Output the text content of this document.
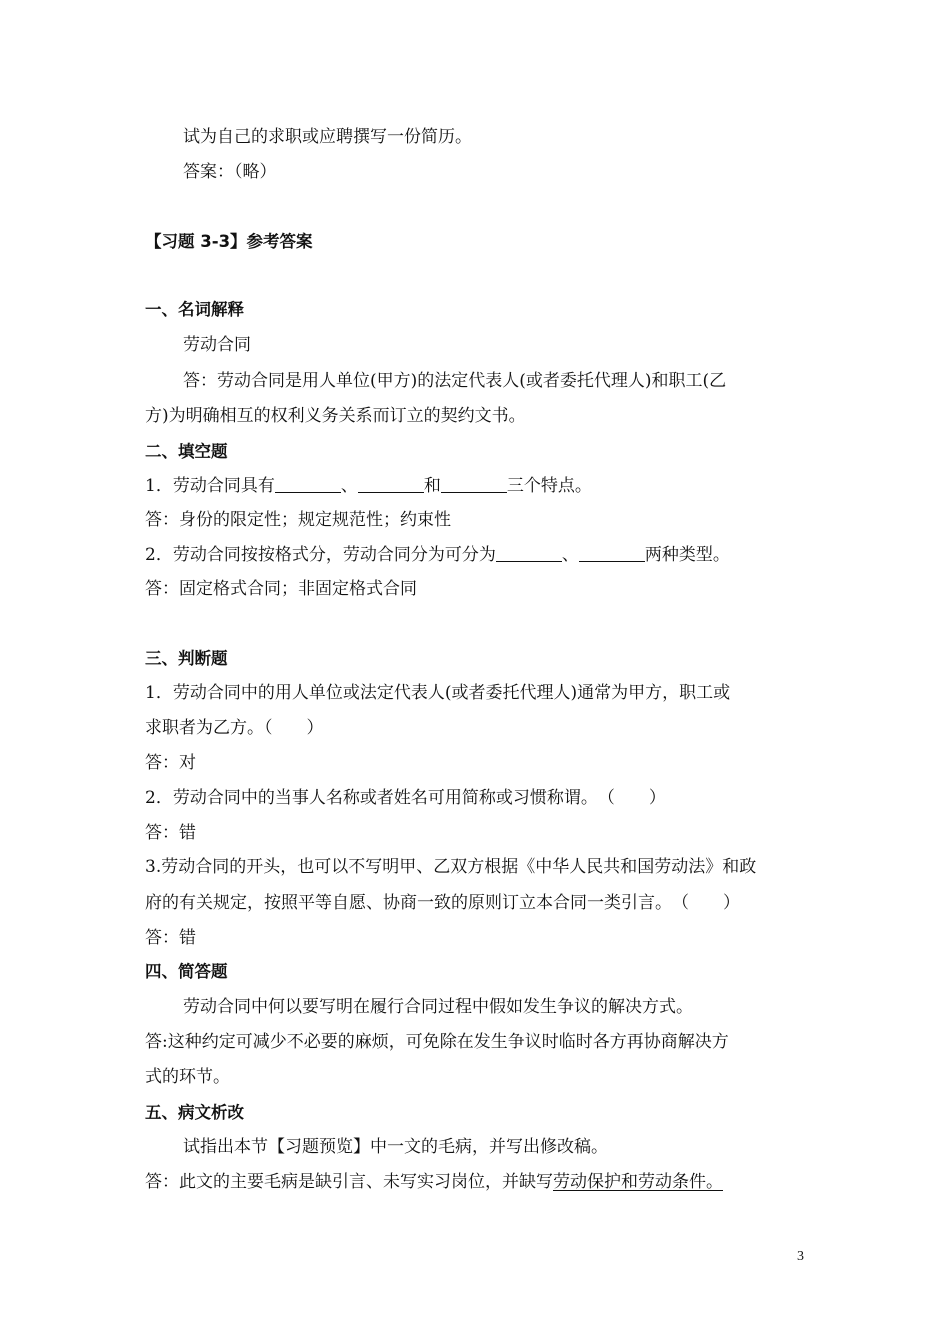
试为自己的求职或应聘撰写一份简历。
答案：（略）
【习题 3-3】参考答案
一、名词解释
劳动合同
答：劳动合同是用人单位(甲方)的法定代表人(或者委托代理人)和职工(乙
方)为明确相互的权利义务关系而订立的契约文书。
二、填空题
1．劳动合同具有	、	和	三个特点。
答：身份的限定性；规定规范性；约束性
2．劳动合同按按格式分，劳动合同分为可分为	、	两种类型。
答：固定格式合同；非固定格式合同
三、判断题
1．劳动合同中的用人单位或法定代表人(或者委托代理人)通常为甲方，职工或
求职者为乙方。（　　）
答：对
2．劳动合同中的当事人名称或者姓名可用简称或习惯称谓。　（　　）
答：错
3.劳动合同的开头，也可以不写明甲、乙双方根据《中华人民共和国劳动法》和政
府的有关规定，按照平等自愿、协商一致的原则订立本合同一类引言。　（　　）
答：错
四、简答题
劳动合同中何以要写明在履行合同过程中假如发生争议的解决方式。
答:这种约定可减少不必要的麻烦，可免除在发生争议时临时各方再协商解决方
式的环节。
五、病文析改
试指出本节【习题预览】中一文的毛病，并写出修改稿。
答：此文的主要毛病是缺引言、未写实习岗位，并缺写劳动保护和劳动条件。
3
